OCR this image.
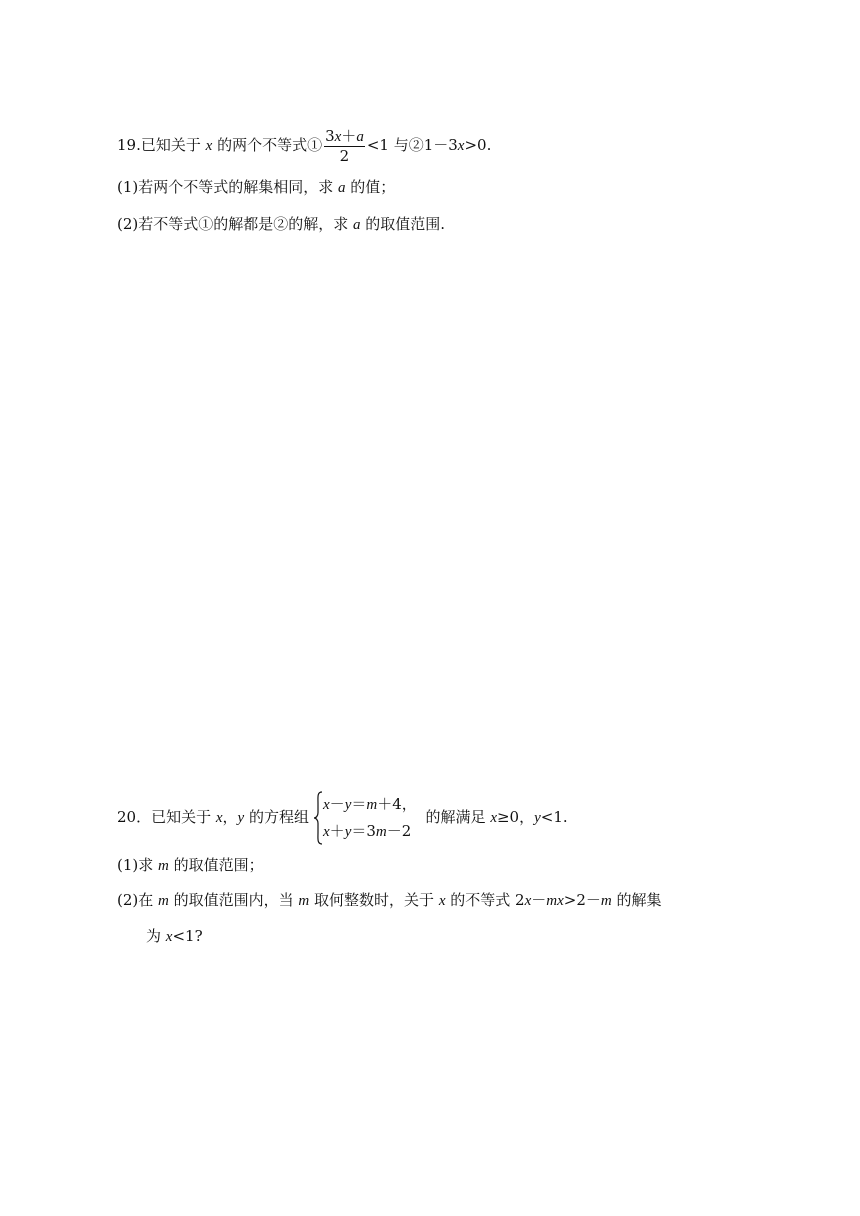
19.已知关于 x 的两个不等式① $\frac{3x+a}{2} <1$ 与②1－3x>0.
(1)若两个不等式的解集相同，求 a 的值；
(2)若不等式①的解都是②的解，求 a 的取值范围.
20．已知关于 x，y 的方程组
x－y＝m＋4，
x＋y＝3m－2
的解满足 x≥0，y<1.
(1)求 m 的取值范围；
(2)在 m 的取值范围内，当 m 取何整数时，关于 x 的不等式 2x－mx>2－m 的解集
为 x<1?
